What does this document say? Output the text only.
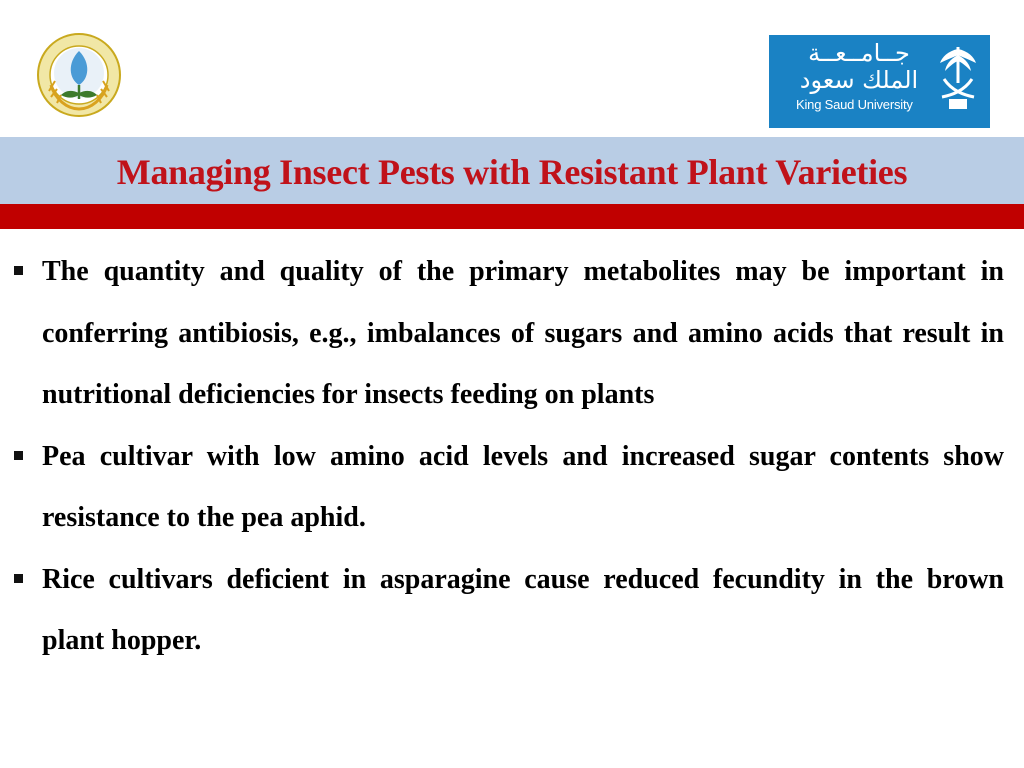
جــامــعــة
الملك سعود
King Saud University
Managing Insect Pests with Resistant Plant Varieties

The quantity and quality of the primary metabolites may be important in conferring antibiosis, e.g., imbalances of sugars and amino acids that result in nutritional deficiencies for insects feeding on plants

Pea cultivar with low amino acid levels and increased sugar contents show resistance to the pea aphid.

Rice cultivars deficient in asparagine cause reduced fecundity in the brown plant hopper.
